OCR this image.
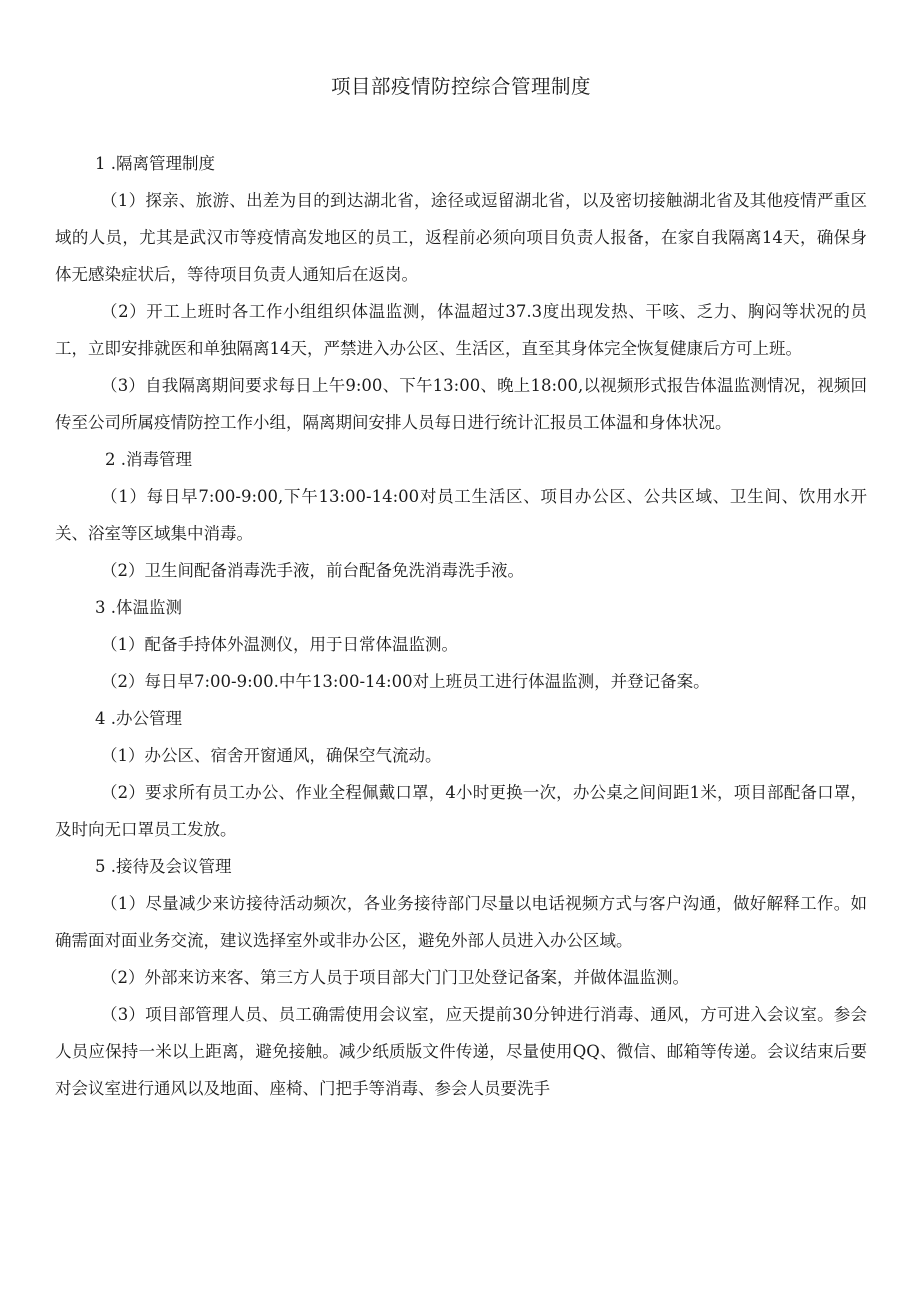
项目部疫情防控综合管理制度

1 .隔离管理制度

（1）探亲、旅游、出差为目的到达湖北省，途径或逗留湖北省，以及密切接触湖北省及其他疫情严重区域的人员，尤其是武汉市等疫情高发地区的员工，返程前必须向项目负责人报备，在家自我隔离14天，确保身体无感染症状后，等待项目负责人通知后在返岗。

（2）开工上班时各工作小组组织体温监测，体温超过37.3度出现发热、干咳、乏力、胸闷等状况的员工，立即安排就医和单独隔离14天，严禁进入办公区、生活区，直至其身体完全恢复健康后方可上班。

（3）自我隔离期间要求每日上午9:00、下午13:00、晚上18:00,以视频形式报告体温监测情况，视频回传至公司所属疫情防控工作小组，隔离期间安排人员每日进行统计汇报员工体温和身体状况。

2 .消毒管理

（1）每日早7:00-9:00,下午13:00-14:00对员工生活区、项目办公区、公共区域、卫生间、饮用水开关、浴室等区域集中消毒。

（2）卫生间配备消毒洗手液，前台配备免洗消毒洗手液。

3 .体温监测

（1）配备手持体外温测仪，用于日常体温监测。

（2）每日早7:00-9:00.中午13:00-14:00对上班员工进行体温监测，并登记备案。

4 .办公管理

（1）办公区、宿舍开窗通风，确保空气流动。

（2）要求所有员工办公、作业全程佩戴口罩，4小时更换一次，办公桌之间间距1米，项目部配备口罩，及时向无口罩员工发放。

5 .接待及会议管理

（1）尽量减少来访接待活动频次，各业务接待部门尽量以电话视频方式与客户沟通，做好解释工作。如确需面对面业务交流，建议选择室外或非办公区，避免外部人员进入办公区域。

（2）外部来访来客、第三方人员于项目部大门门卫处登记备案，并做体温监测。

（3）项目部管理人员、员工确需使用会议室，应天提前30分钟进行消毒、通风，方可进入会议室。参会人员应保持一米以上距离，避免接触。减少纸质版文件传递，尽量使用QQ、微信、邮箱等传递。会议结束后要对会议室进行通风以及地面、座椅、门把手等消毒、参会人员要洗手
